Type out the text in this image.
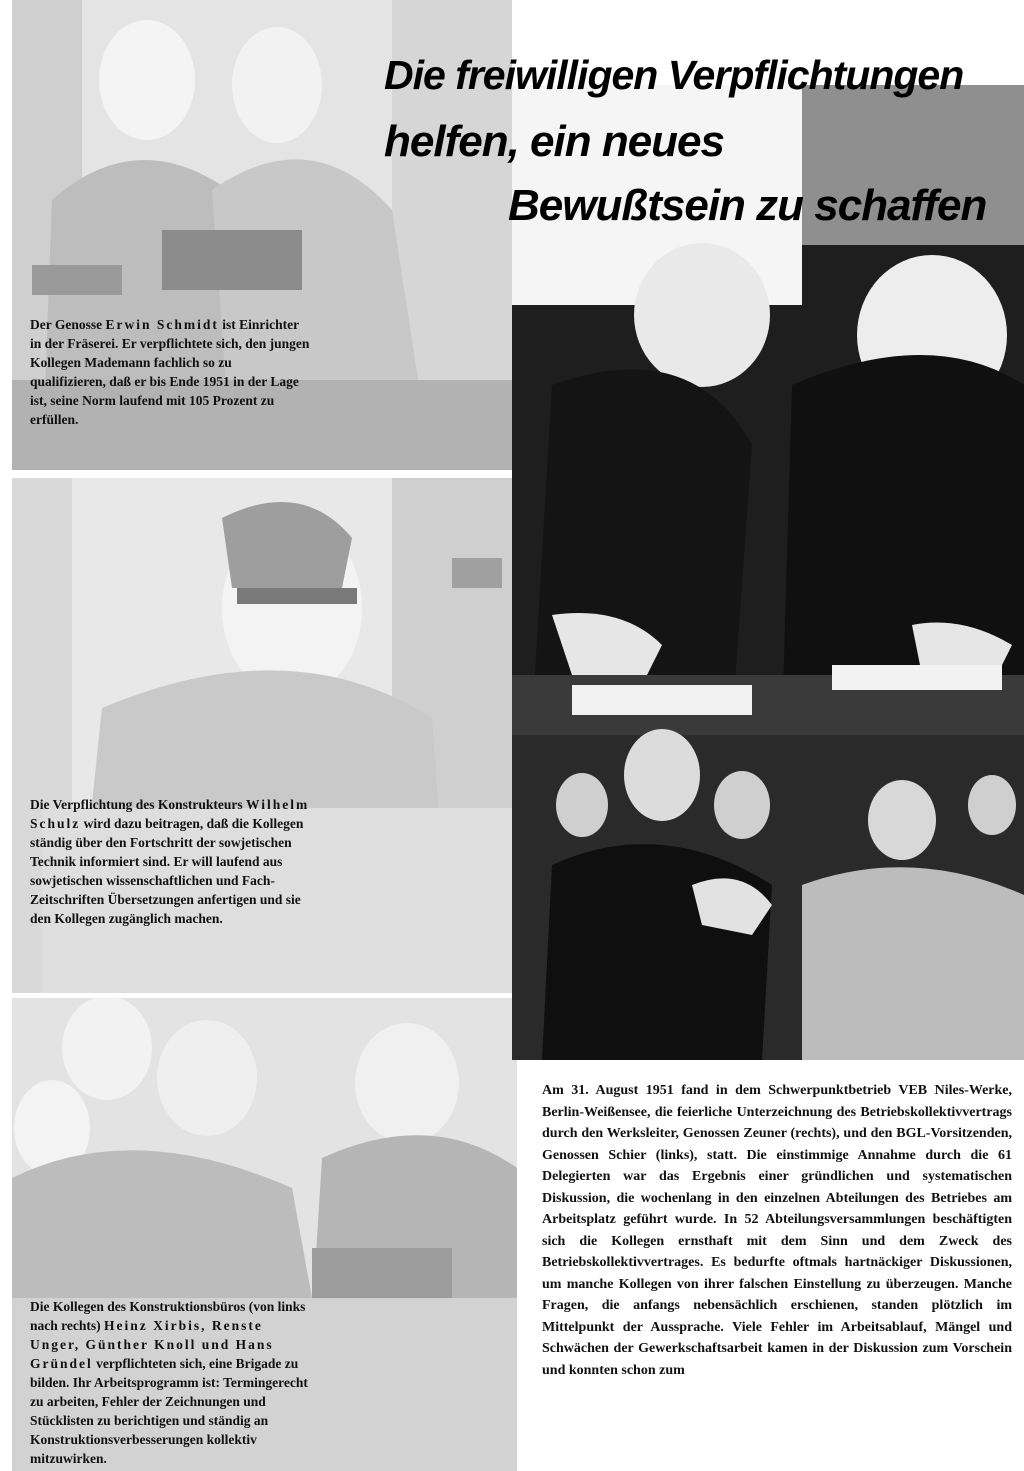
Die freiwilligen Verpflichtungen
helfen, ein neues
Bewußtsein zu schaffen

Der Genosse Erwin Schmidt ist Einrichter in der Fräserei. Er verpflichtete sich, den jungen Kollegen Mademann fachlich so zu qualifizieren, daß er bis Ende 1951 in der Lage ist, seine Norm laufend mit 105 Prozent zu erfüllen.

Die Verpflichtung des Konstrukteurs Wilhelm Schulz wird dazu beitragen, daß die Kollegen ständig über den Fortschritt der sowjetischen Technik informiert sind. Er will laufend aus sowjetischen wissenschaftlichen und Fach-Zeitschriften Übersetzungen anfertigen und sie den Kollegen zugänglich machen.

Die Kollegen des Konstruktionsbüros (von links nach rechts) Heinz Xirbis, Renste Unger, Günther Knoll und Hans Gründel verpflichteten sich, eine Brigade zu bilden. Ihr Arbeitsprogramm ist: Termingerecht zu arbeiten, Fehler der Zeichnungen und Stücklisten zu berichtigen und ständig an Konstruktionsverbesserungen kollektiv mitzuwirken.

Am 31. August 1951 fand in dem Schwerpunktbetrieb VEB Niles-Werke, Berlin-Weißensee, die feierliche Unterzeichnung des Betriebskollektivvertrags durch den Werksleiter, Genossen Zeuner (rechts), und den BGL-Vorsitzenden, Genossen Schier (links), statt. Die einstimmige Annahme durch die 61 Delegierten war das Ergebnis einer gründlichen und systematischen Diskussion, die wochenlang in den einzelnen Abteilungen des Betriebes am Arbeitsplatz geführt wurde. In 52 Abteilungsversammlungen beschäftigten sich die Kollegen ernsthaft mit dem Sinn und dem Zweck des Betriebskollektivvertrages. Es bedurfte oftmals hartnäckiger Diskussionen, um manche Kollegen von ihrer falschen Einstellung zu überzeugen. Manche Fragen, die anfangs nebensächlich erschienen, standen plötzlich im Mittelpunkt der Aussprache. Viele Fehler im Arbeitsablauf, Mängel und Schwächen der Gewerkschaftsarbeit kamen in der Diskussion zum Vorschein und konnten schon zum
